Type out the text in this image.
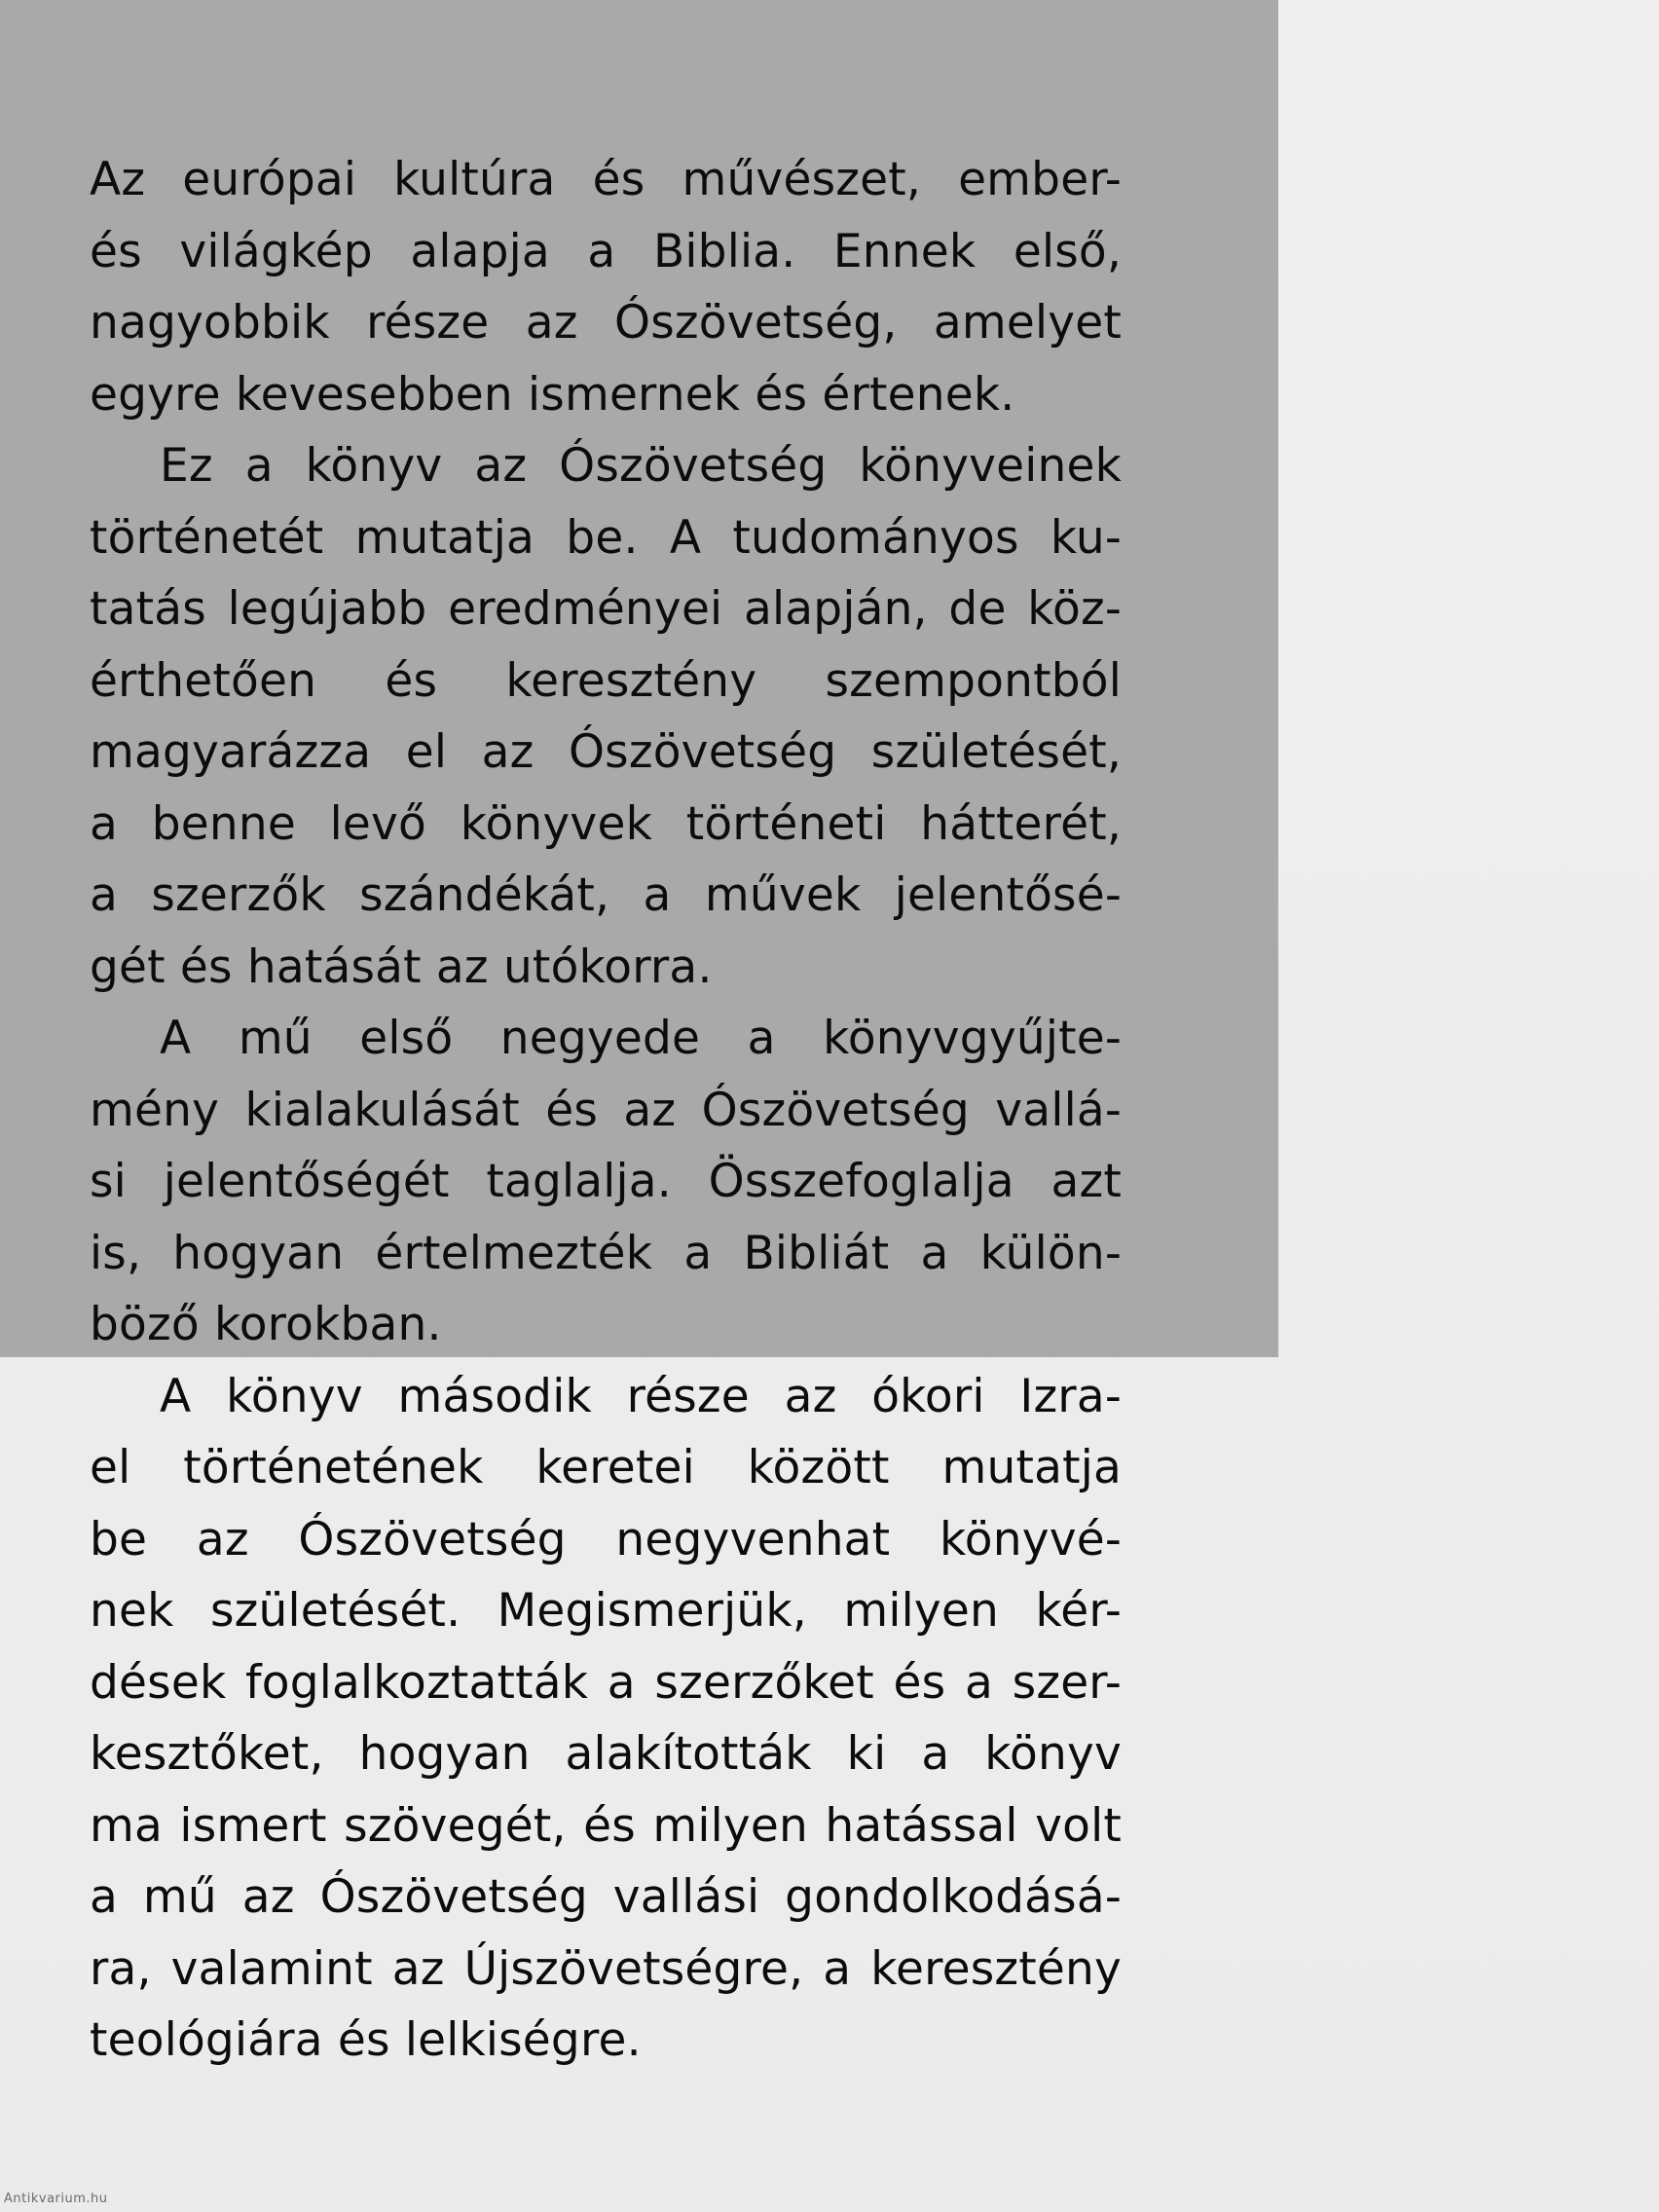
Az európai kultúra és művészet, ember-
és világkép alapja a Biblia. Ennek első,
nagyobbik része az Ószövetség, amelyet
egyre kevesebben ismernek és értenek.

Ez a könyv az Ószövetség könyveinek
történetét mutatja be. A tudományos ku-
tatás legújabb eredményei alapján, de köz-
érthetően és keresztény szempontból
magyarázza el az Ószövetség születését,
a benne levő könyvek történeti hátterét,
a szerzők szándékát, a művek jelentősé-
gét és hatását az utókorra.

A mű első negyede a könyvgyűjte-
mény kialakulását és az Ószövetség vallá-
si jelentőségét taglalja. Összefoglalja azt
is, hogyan értelmezték a Bibliát a külön-
böző korokban.

A könyv második része az ókori Izra-
el történetének keretei között mutatja
be az Ószövetség negyvenhat könyvé-
nek születését. Megismerjük, milyen kér-
dések foglalkoztatták a szerzőket és a szer-
kesztőket, hogyan alakították ki a könyv
ma ismert szövegét, és milyen hatással volt
a mű az Ószövetség vallási gondolkodásá-
ra, valamint az Újszövetségre, a keresztény
teológiára és lelkiségre.

Antikvarium.hu
